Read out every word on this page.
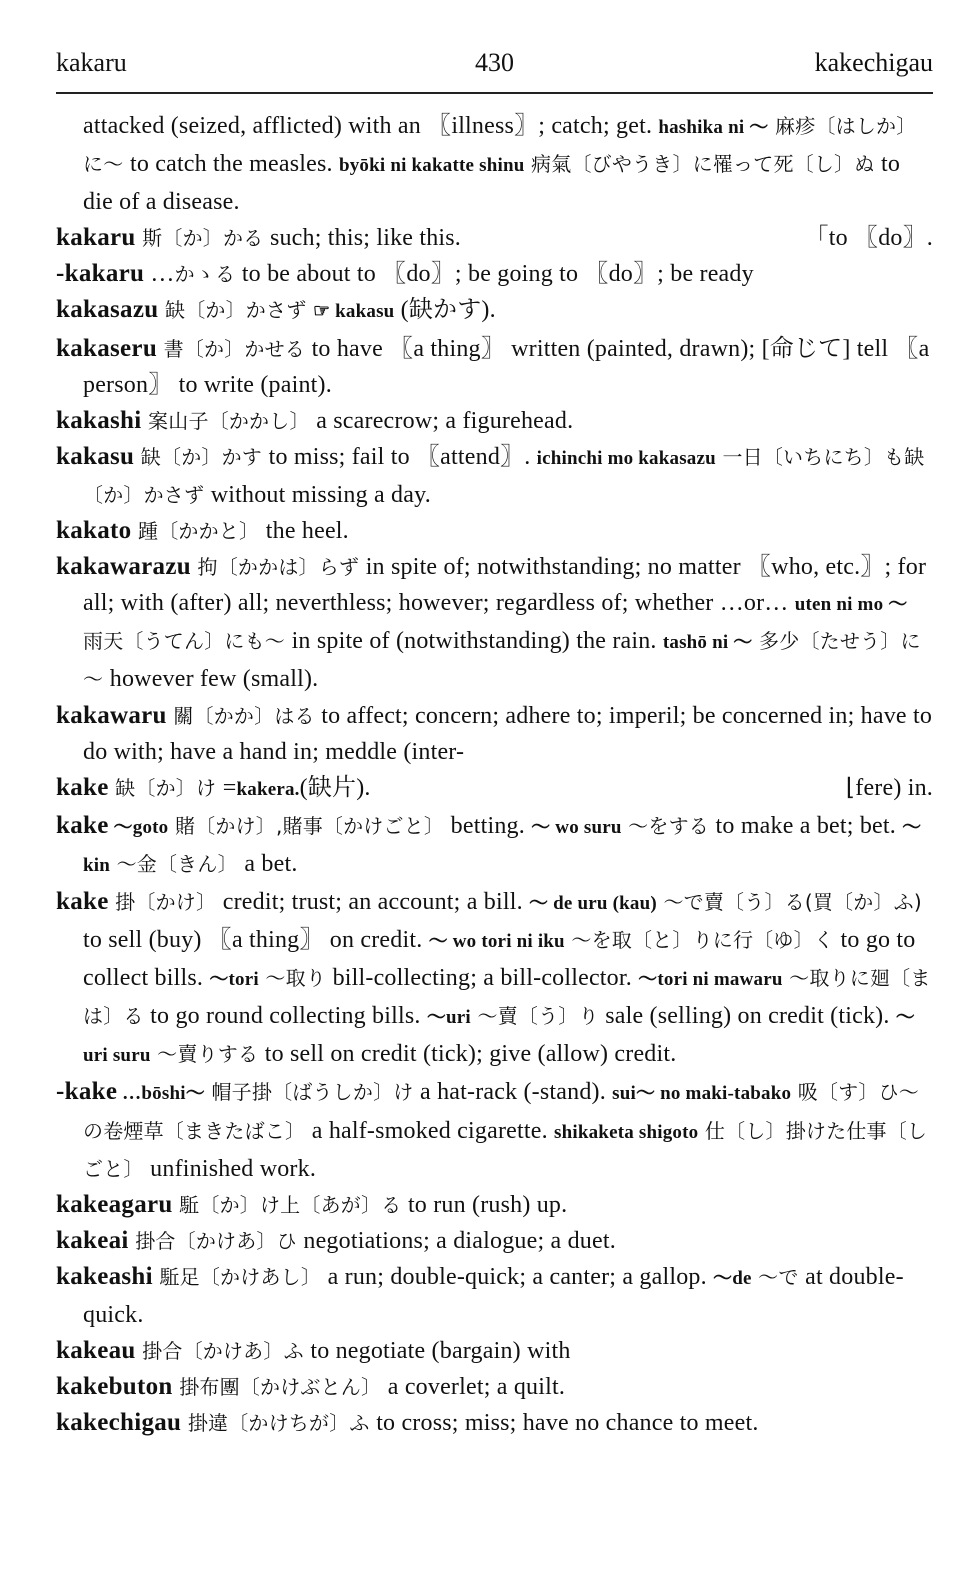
kakaru	430	kakechigau
attacked (seized, afflicted) with an 〖illness〗; catch; get. hashika ni ～ 麻疹〔はしか〕に～ to catch the measles. byōki ni kakatte shinu 病氣〔びやうき〕に罹って死〔し〕ぬ to die of a disease.
「to 〖do〗.
kakaru 斯〔か〕かる such; this; like this.
-kakaru …かゝる to be about to 〖do〗; be going to 〖do〗; be ready
kakasazu 缺〔か〕かさず ☞ kakasu (缺かす).
kakaseru 書〔か〕かせる to have 〖a thing〗 written (painted, drawn); [命じて] tell 〖a person〗 to write (paint).
kakashi 案山子〔かかし〕 a scarecrow; a figurehead.
kakasu 缺〔か〕かす to miss; fail to 〖attend〗. ichinchi mo kakasazu 一日〔いちにち〕も缺〔か〕かさず without missing a day.
kakato 踵〔かかと〕 the heel.
kakawarazu 拘〔かかは〕らず in spite of; notwithstanding; no matter 〖who, etc.〗; for all; with (after) all; neverthless; however; regardless of; whether …or… uten ni mo ～ 雨天〔うてん〕にも～ in spite of (notwithstanding) the rain. tashō ni ～ 多少〔たせう〕に～ however few (small).
kakawaru 關〔かか〕はる to affect; concern; adhere to; imperil; be concerned in; have to do with; have a hand in; meddle (inter-
⌊fere) in.
kake 缺〔か〕け =kakera.(缺片).
kake ～goto 賭〔かけ〕,賭事〔かけごと〕 betting. ～ wo suru ～をする to make a bet; bet. ～kin ～金〔きん〕 a bet.
kake 掛〔かけ〕 credit; trust; an account; a bill. ～ de uru (kau) ～で賣〔う〕る(買〔か〕ふ) to sell (buy) 〖a thing〗 on credit. ～ wo tori ni iku ～を取〔と〕りに行〔ゆ〕く to go to collect bills. ～tori ～取り bill-collecting; a bill-collector. ～tori ni mawaru ～取りに廻〔まは〕る to go round collecting bills. ～uri ～賣〔う〕り sale (selling) on credit (tick). ～uri suru ～賣りする to sell on credit (tick); give (allow) credit.
-kake …bōshi～ 帽子掛〔ばうしか〕け a hat-rack (-stand). sui～ no maki-tabako 吸〔す〕ひ～の卷煙草〔まきたばこ〕 a half-smoked cigarette. shikaketa shigoto 仕〔し〕掛けた仕事〔しごと〕 unfinished work.
kakeagaru 駈〔か〕け上〔あが〕る to run (rush) up.
kakeai 掛合〔かけあ〕ひ negotiations; a dialogue; a duet.
kakeashi 駈足〔かけあし〕 a run; double-quick; a canter; a gallop. ～de ～で at double-quick.
kakeau 掛合〔かけあ〕ふ to negotiate (bargain) with
kakebuton 掛布團〔かけぶとん〕 a coverlet; a quilt.
kakechigau 掛違〔かけちが〕ふ to cross; miss; have no chance to meet.
